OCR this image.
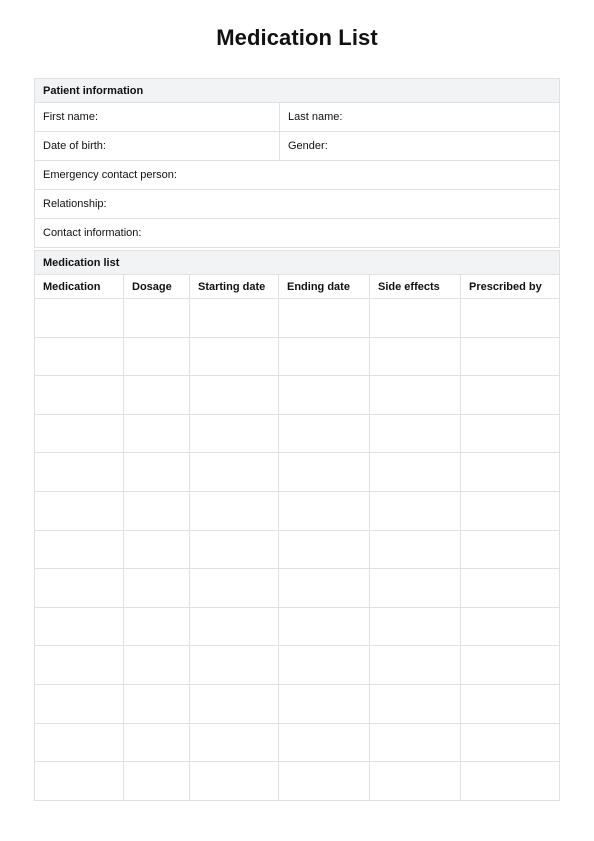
Medication List
Patient information	
First name:	Last name:
Date of birth:	Gender:
Emergency contact person:	
Relationship:	
Contact information:	
Medication list					
Medication	Dosage	Starting date	Ending date	Side effects	Prescribed by
